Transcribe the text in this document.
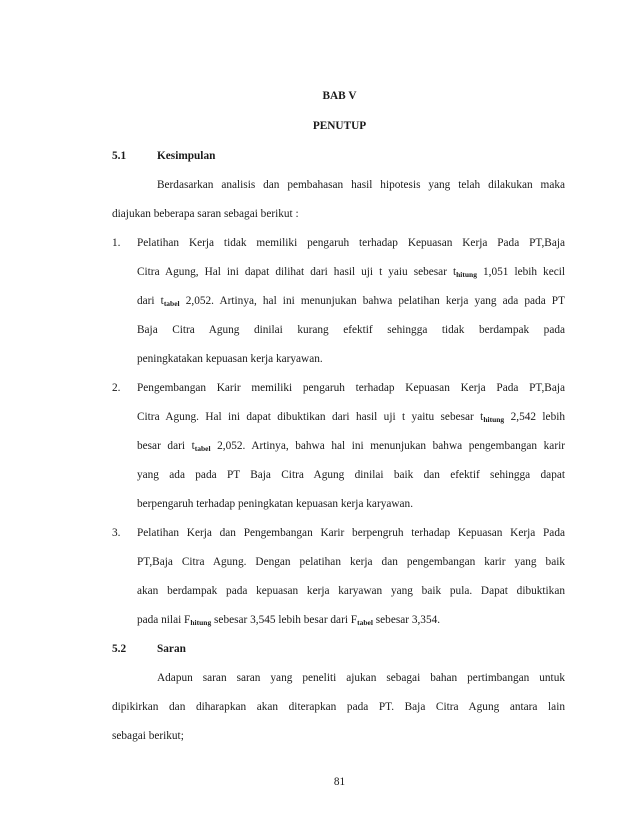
BAB V
PENUTUP
5.1	Kesimpulan
Berdasarkan analisis dan pembahasan hasil hipotesis yang telah dilakukan maka
diajukan beberapa saran sebagai berikut :
1. Pelatihan Kerja tidak memiliki pengaruh terhadap Kepuasan Kerja Pada PT,Baja
Citra Agung, Hal ini dapat dilihat dari hasil uji t yaiu sebesar thitung 1,051 lebih kecil
dari ttabel 2,052. Artinya, hal ini menunjukan bahwa pelatihan kerja yang ada pada PT
Baja Citra Agung dinilai kurang efektif sehingga tidak berdampak pada
peningkatakan kepuasan kerja karyawan.
2. Pengembangan Karir memiliki pengaruh terhadap Kepuasan Kerja Pada PT,Baja
Citra Agung. Hal ini dapat dibuktikan dari hasil uji t yaitu sebesar thitung 2,542 lebih
besar dari ttabel 2,052. Artinya, bahwa hal ini menunjukan bahwa pengembangan karir
yang ada pada PT Baja Citra Agung dinilai baik dan efektif sehingga dapat
berpengaruh terhadap peningkatan kepuasan kerja karyawan.
3. Pelatihan Kerja dan Pengembangan Karir berpengruh terhadap Kepuasan Kerja Pada
PT,Baja Citra Agung. Dengan pelatihan kerja dan pengembangan karir yang baik
akan berdampak pada kepuasan kerja karyawan yang baik pula. Dapat dibuktikan
pada nilai Fhitung sebesar 3,545 lebih besar dari Ftabel sebesar 3,354.
5.2	Saran
Adapun saran saran yang peneliti ajukan sebagai bahan pertimbangan untuk
dipikirkan dan diharapkan akan diterapkan pada PT. Baja Citra Agung antara lain
sebagai berikut;
81
